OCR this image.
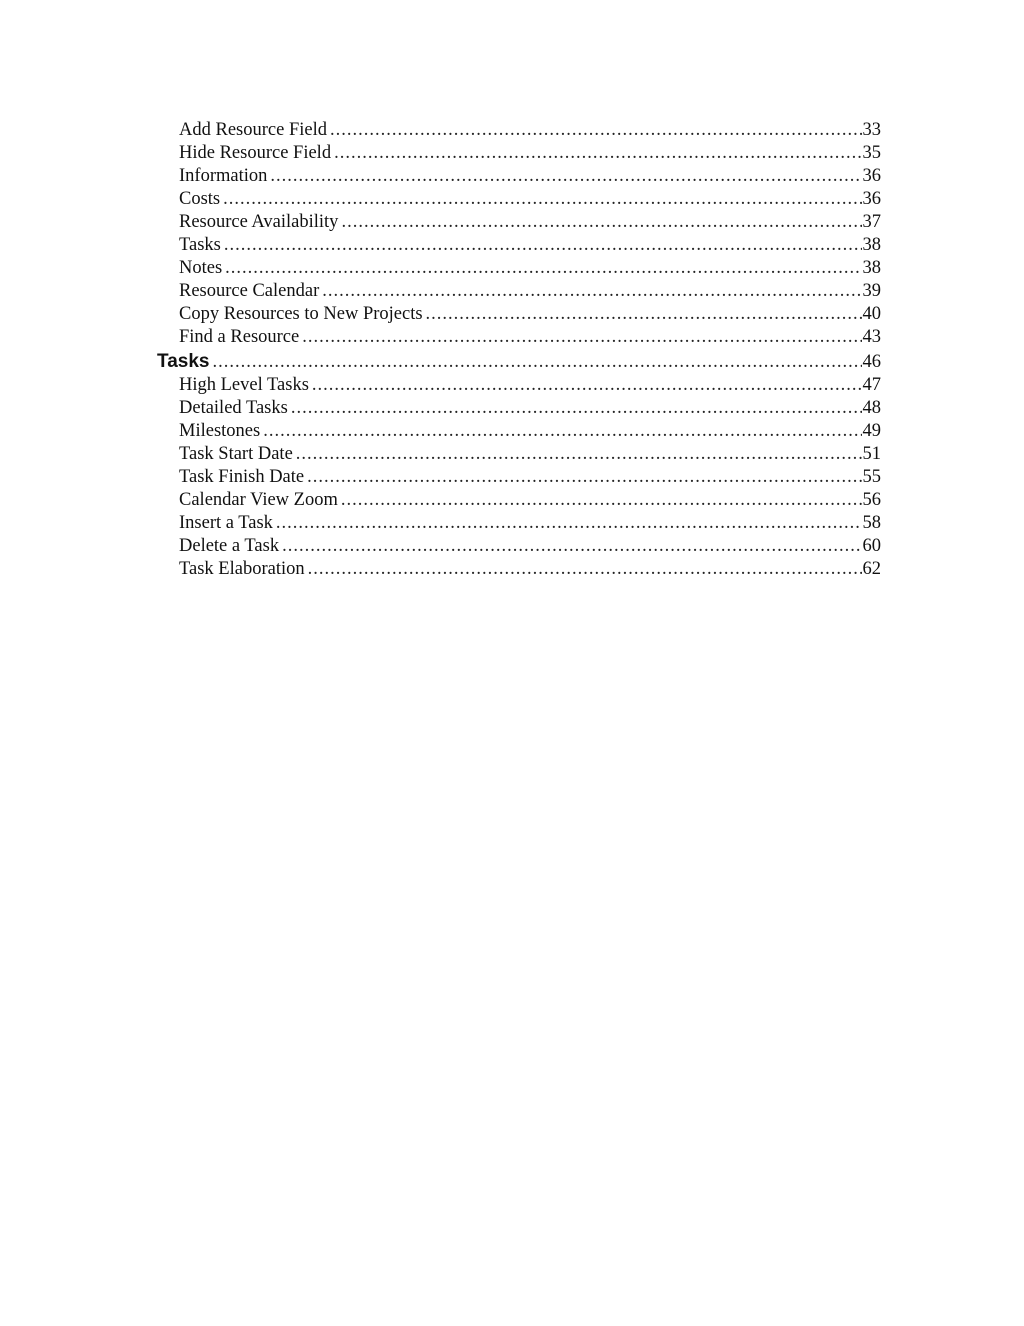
Add Resource Field .....	33
Hide Resource Field .....	35
Information .....	36
Costs .....	36
Resource Availability .....	37
Tasks .....	38
Notes .....	38
Resource Calendar .....	39
Copy Resources to New Projects .....	40
Find a Resource .....	43
Tasks .....	46
High Level Tasks .....	47
Detailed Tasks .....	48
Milestones .....	49
Task Start Date .....	51
Task Finish Date .....	55
Calendar View Zoom .....	56
Insert a Task .....	58
Delete a Task .....	60
Task Elaboration .....	62
